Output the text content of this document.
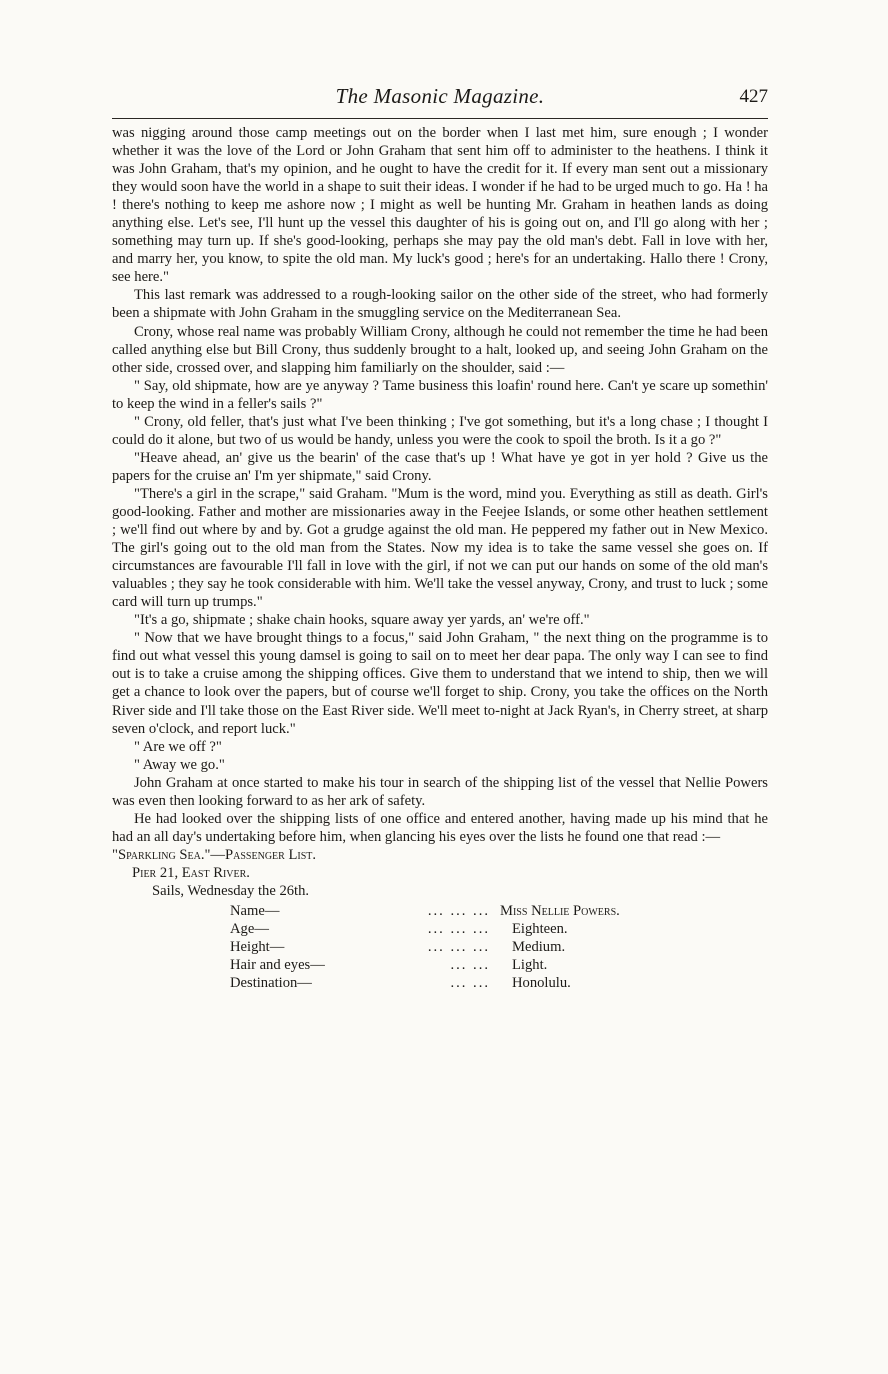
The Masonic Magazine.	427

was nigging around those camp meetings out on the border when I last met him, sure enough ; I wonder whether it was the love of the Lord or John Graham that sent him off to administer to the heathens. I think it was John Graham, that's my opinion, and he ought to have the credit for it. If every man sent out a missionary they would soon have the world in a shape to suit their ideas. I wonder if he had to be urged much to go. Ha ! ha ! there's nothing to keep me ashore now ; I might as well be hunting Mr. Graham in heathen lands as doing anything else. Let's see, I'll hunt up the vessel this daughter of his is going out on, and I'll go along with her ; something may turn up. If she's good-looking, perhaps she may pay the old man's debt. Fall in love with her, and marry her, you know, to spite the old man. My luck's good ; here's for an undertaking. Hallo there ! Crony, see here."

This last remark was addressed to a rough-looking sailor on the other side of the street, who had formerly been a shipmate with John Graham in the smuggling service on the Mediterranean Sea.

Crony, whose real name was probably William Crony, although he could not remember the time he had been called anything else but Bill Crony, thus suddenly brought to a halt, looked up, and seeing John Graham on the other side, crossed over, and slapping him familiarly on the shoulder, said :—

" Say, old shipmate, how are ye anyway ? Tame business this loafin' round here. Can't ye scare up somethin' to keep the wind in a feller's sails ?"

" Crony, old feller, that's just what I've been thinking ; I've got something, but it's a long chase ; I thought I could do it alone, but two of us would be handy, unless you were the cook to spoil the broth. Is it a go ?"

"Heave ahead, an' give us the bearin' of the case that's up ! What have ye got in yer hold ? Give us the papers for the cruise an' I'm yer shipmate," said Crony.

"There's a girl in the scrape," said Graham. "Mum is the word, mind you. Everything as still as death. Girl's good-looking. Father and mother are missionaries away in the Feejee Islands, or some other heathen settlement ; we'll find out where by and by. Got a grudge against the old man. He peppered my father out in New Mexico. The girl's going out to the old man from the States. Now my idea is to take the same vessel she goes on. If circumstances are favourable I'll fall in love with the girl, if not we can put our hands on some of the old man's valuables ; they say he took considerable with him. We'll take the vessel anyway, Crony, and trust to luck ; some card will turn up trumps."

"It's a go, shipmate ; shake chain hooks, square away yer yards, an' we're off."

" Now that we have brought things to a focus," said John Graham, " the next thing on the programme is to find out what vessel this young damsel is going to sail on to meet her dear papa. The only way I can see to find out is to take a cruise among the shipping offices. Give them to understand that we intend to ship, then we will get a chance to look over the papers, but of course we'll forget to ship. Crony, you take the offices on the North River side and I'll take those on the East River side. We'll meet to-night at Jack Ryan's, in Cherry street, at sharp seven o'clock, and report luck."

" Are we off ?"

" Away we go."

John Graham at once started to make his tour in search of the shipping list of the vessel that Nellie Powers was even then looking forward to as her ark of safety.

He had looked over the shipping lists of one office and entered another, having made up his mind that he had an all day's undertaking before him, when glancing his eyes over the lists he found one that read :—

"Sparkling Sea."—Passenger List.

Pier 21, East River.

Sails, Wednesday the 26th.

Name—	... ... ... Miss Nellie Powers.
Age—	... ... ...	Eighteen.
Height—	... ... ...	Medium.
Hair and eyes—	... ...	Light.
Destination—	... ...	Honolulu.
